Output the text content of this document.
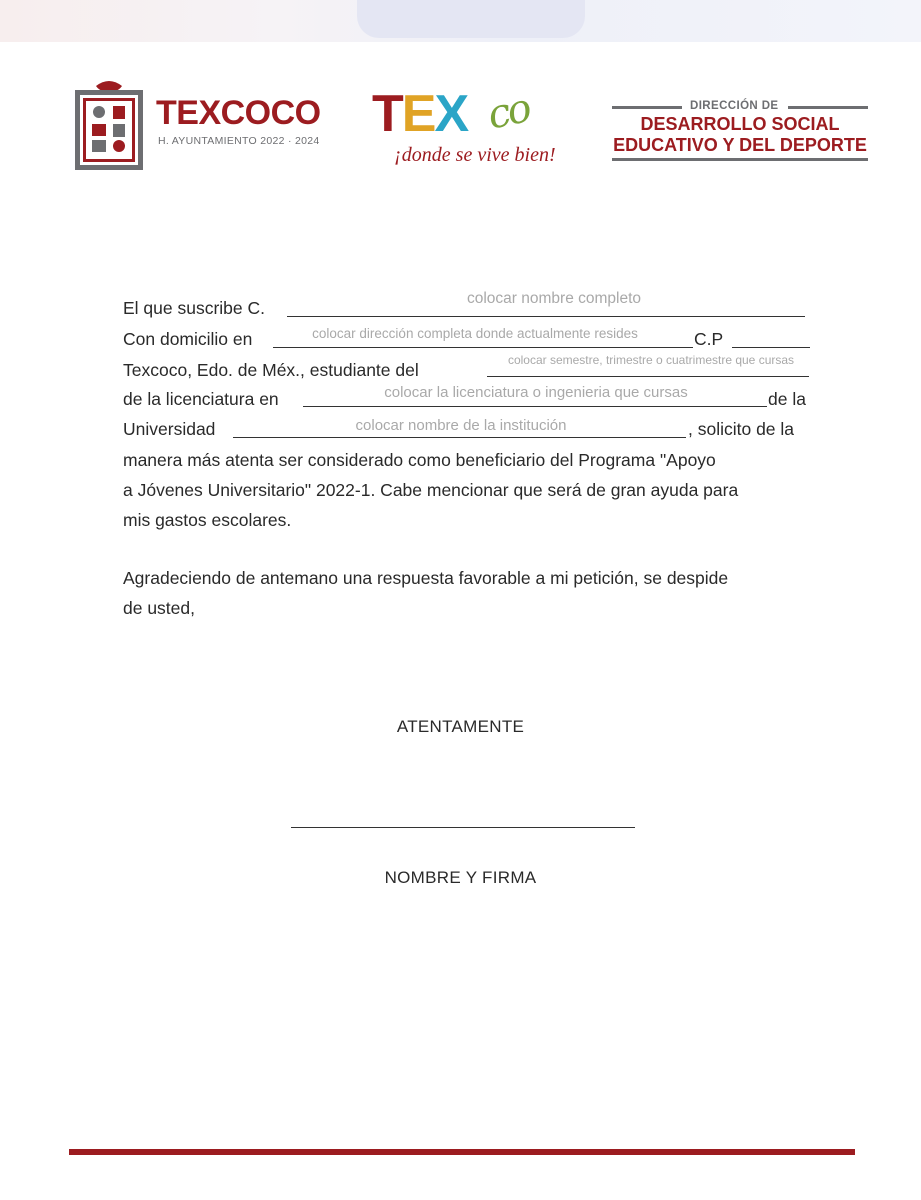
TEXCOCO
H. AYUNTAMIENTO 2022 · 2024 TEX co
¡donde se vive bien!
DIRECCIÓN DE
DESARROLLO SOCIAL
EDUCATIVO Y DEL DEPORTE
El que suscribe C.	colocar nombre completo
Con domicilio en	colocar dirección completa donde actualmente resides	C.P
Texcoco, Edo. de Méx., estudiante del	colocar semestre, trimestre o cuatrimestre que cursas
de la licenciatura en	colocar la licenciatura o ingenieria que cursas	de la
Universidad	colocar nombre de la institución	, solicito de la
manera más atenta ser considerado como beneficiario del Programa "Apoyo
a Jóvenes Universitario" 2022-1. Cabe mencionar que será de gran ayuda para
mis gastos escolares.
Agradeciendo de antemano una respuesta favorable a mi petición, se despide
de usted,
ATENTAMENTE
NOMBRE Y FIRMA
